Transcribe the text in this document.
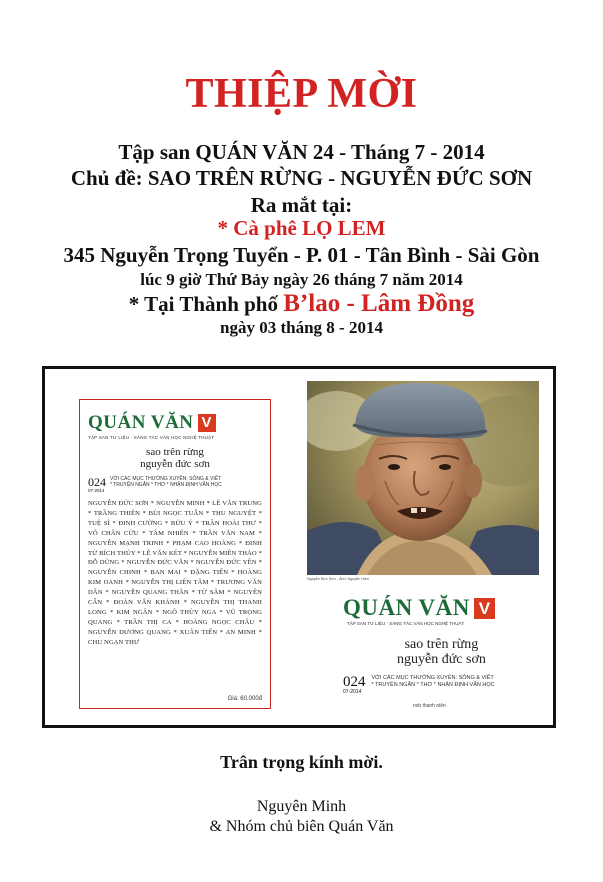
THIỆP MỜI
Tập san QUÁN VĂN 24 - Tháng 7 - 2014
Chủ đề: SAO TRÊN RỪNG - NGUYỄN ĐỨC SƠN
Ra mắt tại:
* Cà phê LỌ LEM
345 Nguyễn Trọng Tuyển - P. 01 - Tân Bình - Sài Gòn
lúc 9 giờ Thứ Bảy ngày 26 tháng 7 năm 2014
* Tại Thành phố B’lao - Lâm Đồng
ngày 03 tháng 8 - 2014
QUÁN VĂN V
TẬP SAN TƯ LIỆU · SÁNG TÁC VĂN HỌC NGHỆ THUẬT
sao trên rừng
nguyễn đức sơn
024
07-2014
VỚI CÁC MỤC THƯỜNG XUYÊN: SÔNG & VIẾT
* TRUYỆN NGẮN * THƠ * NHẬN ĐỊNH VĂN HỌC
NGUYỄN ĐỨC SƠN * NGUYỄN MINH * LÊ VĂN TRUNG * TRẦNG THIÊN * BÙI NGỌC TUẤN * THU NGUYỆT * TUỆ SĨ * ĐINH CƯỜNG * BỬU Ý * TRẦN HOÀI THƯ * VÕ CHÂN CỬU * TÂM NHIÊN * TRẦN VĂN NAM * NGUYỄN MẠNH TRINH * PHẠM CAO HOÀNG * ĐINH TỪ BÍCH THÚY * LÊ VĂN KÉT * NGUYỄN MIÊN THẢO * ĐỖ DŨNG * NGUYỄN ĐỨC VĂN * NGUYỄN ĐỨC YÊN * NGUYỄN CHINH * BAN MAI * ĐẶNG TIẾN * HOÀNG KIM OANH * NGUYỄN THỊ LIÊN TÂM * TRƯƠNG VĂN DÂN * NGUYỄN QUANG THÂN * TỪ SÂM * NGUYÊN CẨN * ĐOÀN VĂN KHÁNH * NGUYỄN THỊ THANH LONG * KIM NGÂN * NGÔ THÙY NGA * VŨ TRỌNG QUANG * TRẦN THỊ CA * HOÀNG NGỌC CHÂU * NGUYỄN DƯƠNG QUANG * XUÂN TIẾN * AN MINH * CHU NGẠN THƯ
Giá: 60.000đ
Nguyễn Đức Sơn - Ảnh: Nguyễn Hiền
QUÁN VĂN V
TẬP SAN TƯ LIỆU · SÁNG TÁC VĂN HỌC NGHỆ THUẬT
sao trên rừng
nguyễn đức sơn
024
07-2014
VỚI CÁC MỤC THƯỜNG XUYÊN: SÔNG & VIẾT
* TRUYỆN NGẮN * THƠ * NHẬN ĐỊNH VĂN HỌC
nxb thanh niên
Trân trọng kính mời.
Nguyên Minh
& Nhóm chủ biên Quán Văn
